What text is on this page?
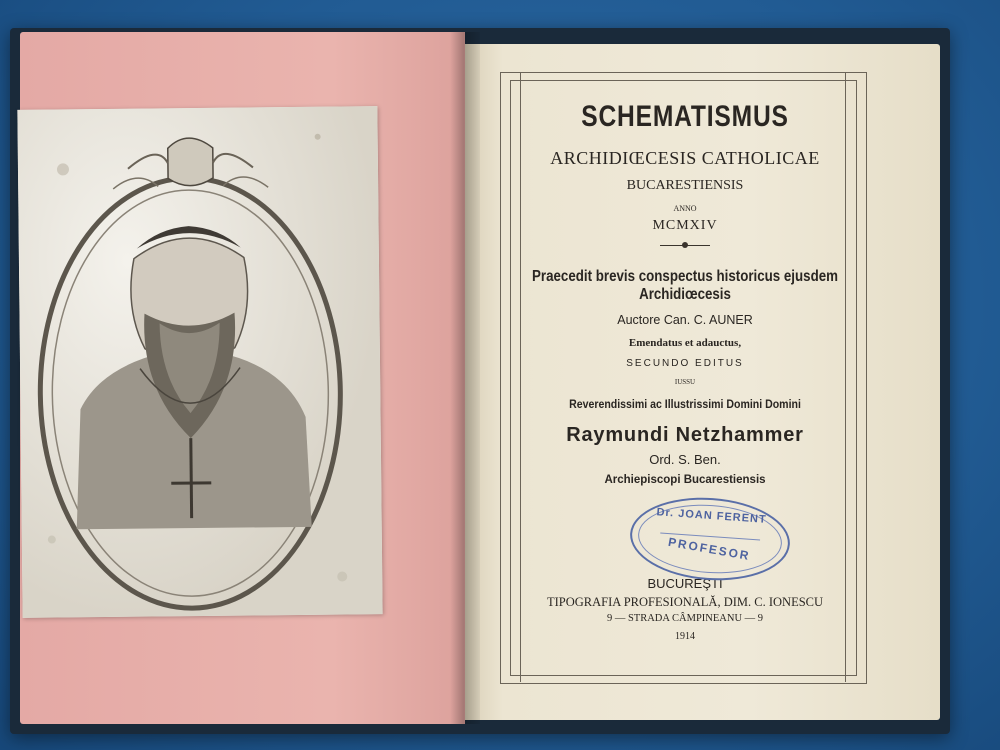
SCHEMATISMUS
ARCHIDIŒCESIS CATHOLICAE
BUCARESTIENSIS
ANNO
MCMXIV
Praecedit brevis conspectus historicus ejusdem Archidiœcesis
Auctore Can. C. AUNER
Emendatus et adauctus,
SECUNDO EDITUS
IUSSU
Reverendissimi ac Illustrissimi Domini Domini
Raymundi Netzhammer
Ord. S. Ben.
Archiepiscopi Bucarestiensis
BUCUREŞTI
TIPOGRAFIA PROFESIONALĂ, DIM. C. IONESCU
9 — STRADA CÂMPINEANU — 9
1914
Dr. JOAN FERENT
PROFESOR
